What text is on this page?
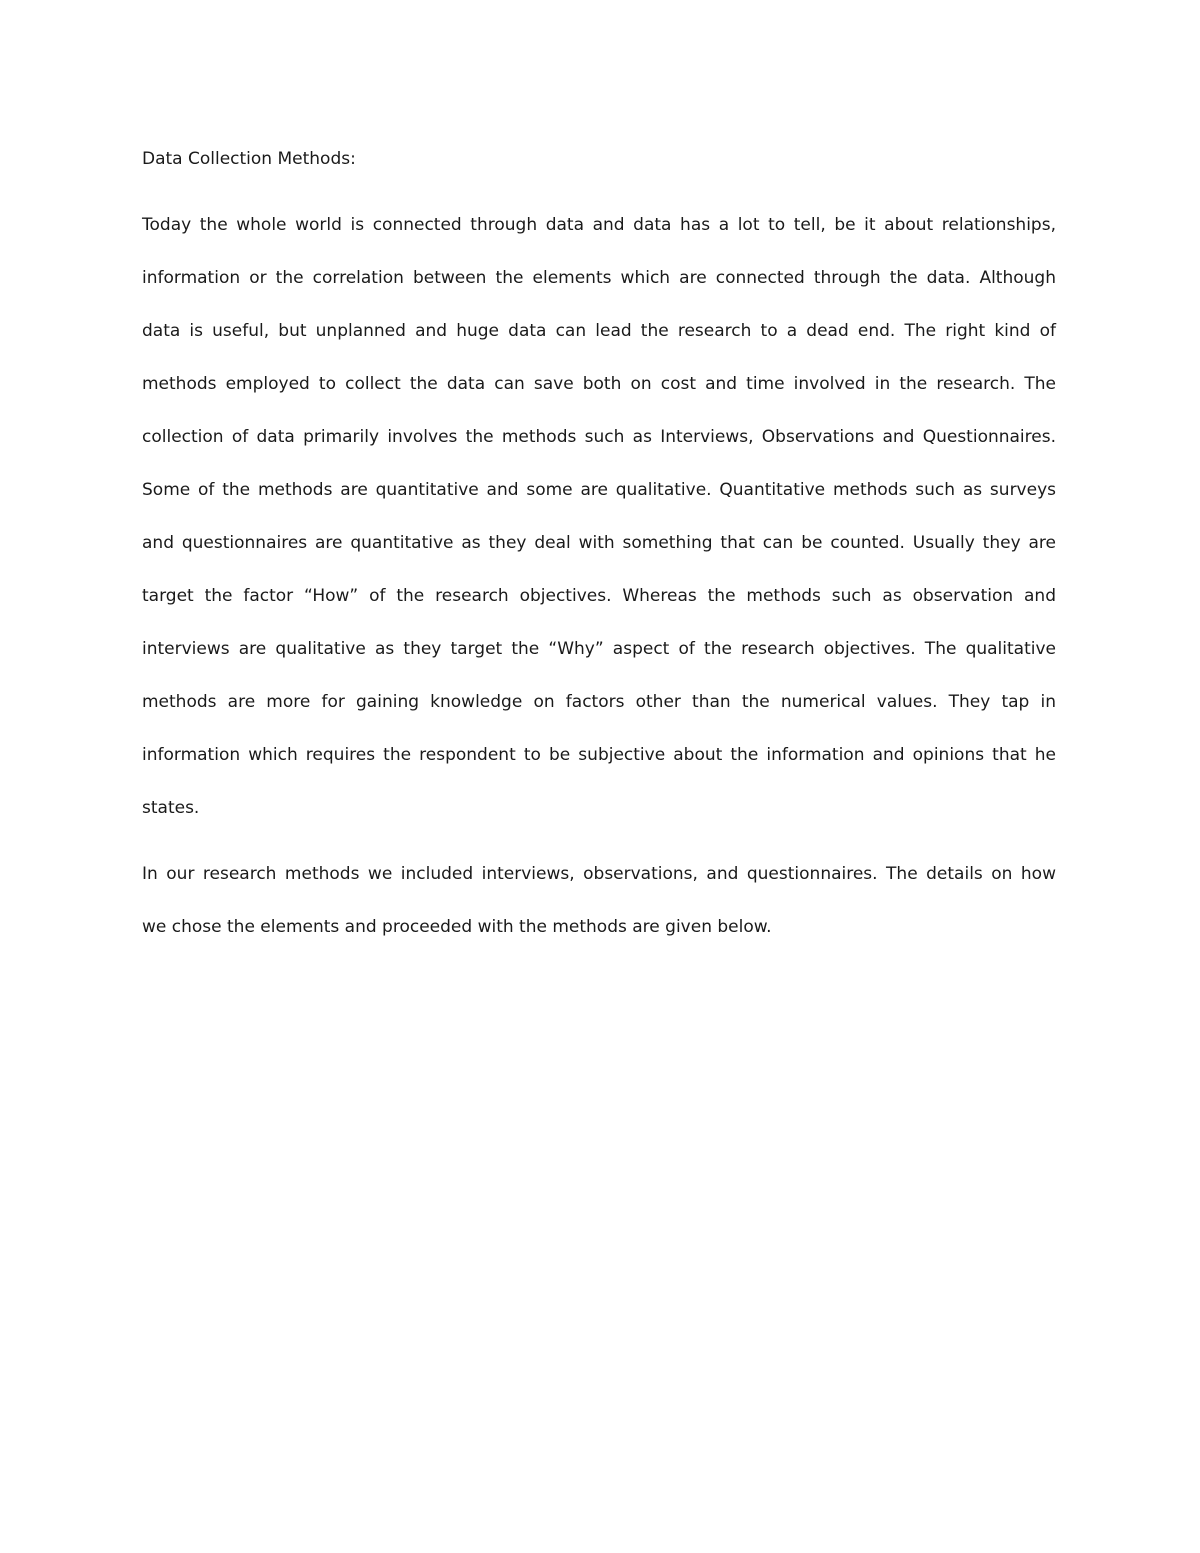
Data Collection Methods:
Today the whole world is connected through data and data has a lot to tell, be it about relationships,
information or the correlation between the elements which are connected through the data. Although
data is useful, but unplanned and huge data can lead the research to a dead end. The right kind of
methods employed to collect the data can save both on cost and time involved in the research. The
collection of data primarily involves the methods such as Interviews, Observations and Questionnaires.
Some of the methods are quantitative and some are qualitative. Quantitative methods such as surveys
and questionnaires are quantitative as they deal with something that can be counted. Usually they are
target the factor “How” of the research objectives. Whereas the methods such as observation and
interviews are qualitative as they target the “Why” aspect of the research objectives. The qualitative
methods are more for gaining knowledge on factors other than the numerical values. They tap in
information which requires the respondent to be subjective about the information and opinions that he
states.
In our research methods we included interviews, observations, and questionnaires. The details on how
we chose the elements and proceeded with the methods are given below.
